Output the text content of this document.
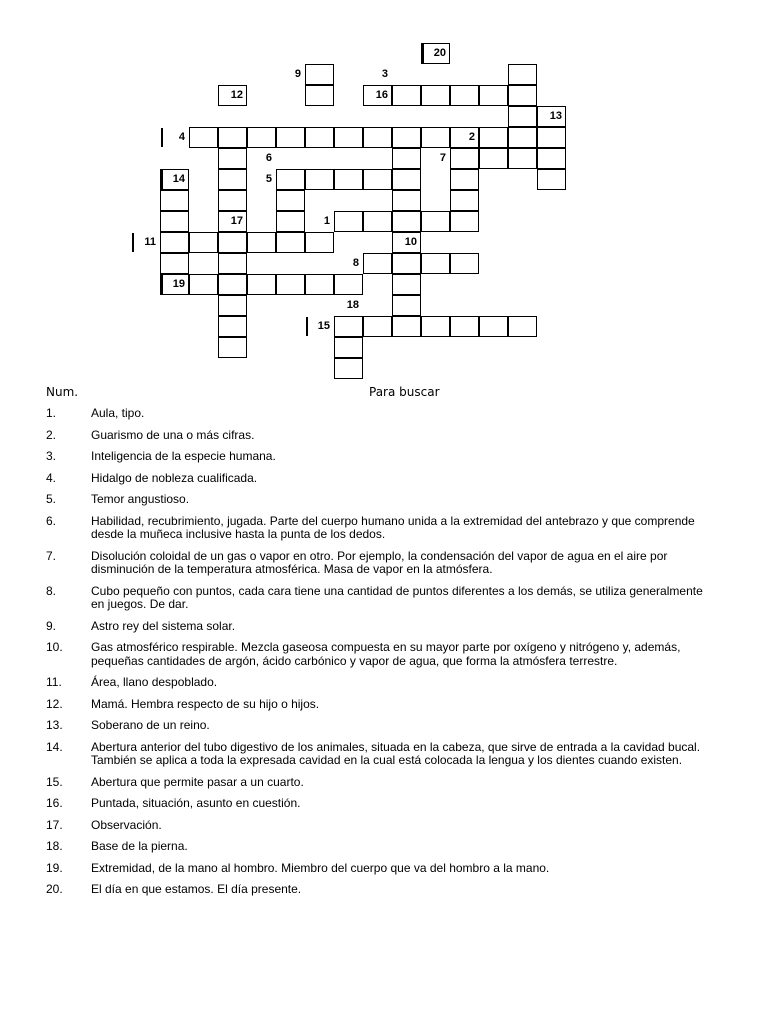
20
9	3
12	16
13
4	2
6	7
14	5
17	1
11	10
8
19
18
15
Num.	Para buscar
1.	Aula, tipo.
2.	Guarismo de una o más cifras.
3.	Inteligencia de la especie humana.
4.	Hidalgo de nobleza cualificada.
5.	Temor angustioso.
6.	Habilidad, recubrimiento, jugada. Parte del cuerpo humano unida a la extremidad del antebrazo y que comprende desde la muñeca inclusive hasta la punta de los dedos.
7.	Disolución coloidal de un gas o vapor en otro. Por ejemplo, la condensación del vapor de agua en el aire por disminución de la temperatura atmosférica. Masa de vapor en la atmósfera.
8.	Cubo pequeño con puntos, cada cara tiene una cantidad de puntos diferentes a los demás, se utiliza generalmente en juegos. De dar.
9.	Astro rey del sistema solar.
10. Gas atmosférico respirable. Mezcla gaseosa compuesta en su mayor parte por oxígeno y nitrógeno y, además, pequeñas cantidades de argón, ácido carbónico y vapor de agua, que forma la atmósfera terrestre.
11. Área, llano despoblado.
12. Mamá. Hembra respecto de su hijo o hijos.
13. Soberano de un reino.
14. Abertura anterior del tubo digestivo de los animales, situada en la cabeza, que sirve de entrada a la cavidad bucal. También se aplica a toda la expresada cavidad en la cual está colocada la lengua y los dientes cuando existen.
15. Abertura que permite pasar a un cuarto.
16. Puntada, situación, asunto en cuestión.
17. Observación.
18. Base de la pierna.
19. Extremidad, de la mano al hombro. Miembro del cuerpo que va del hombro a la mano.
20. El día en que estamos. El día presente.
